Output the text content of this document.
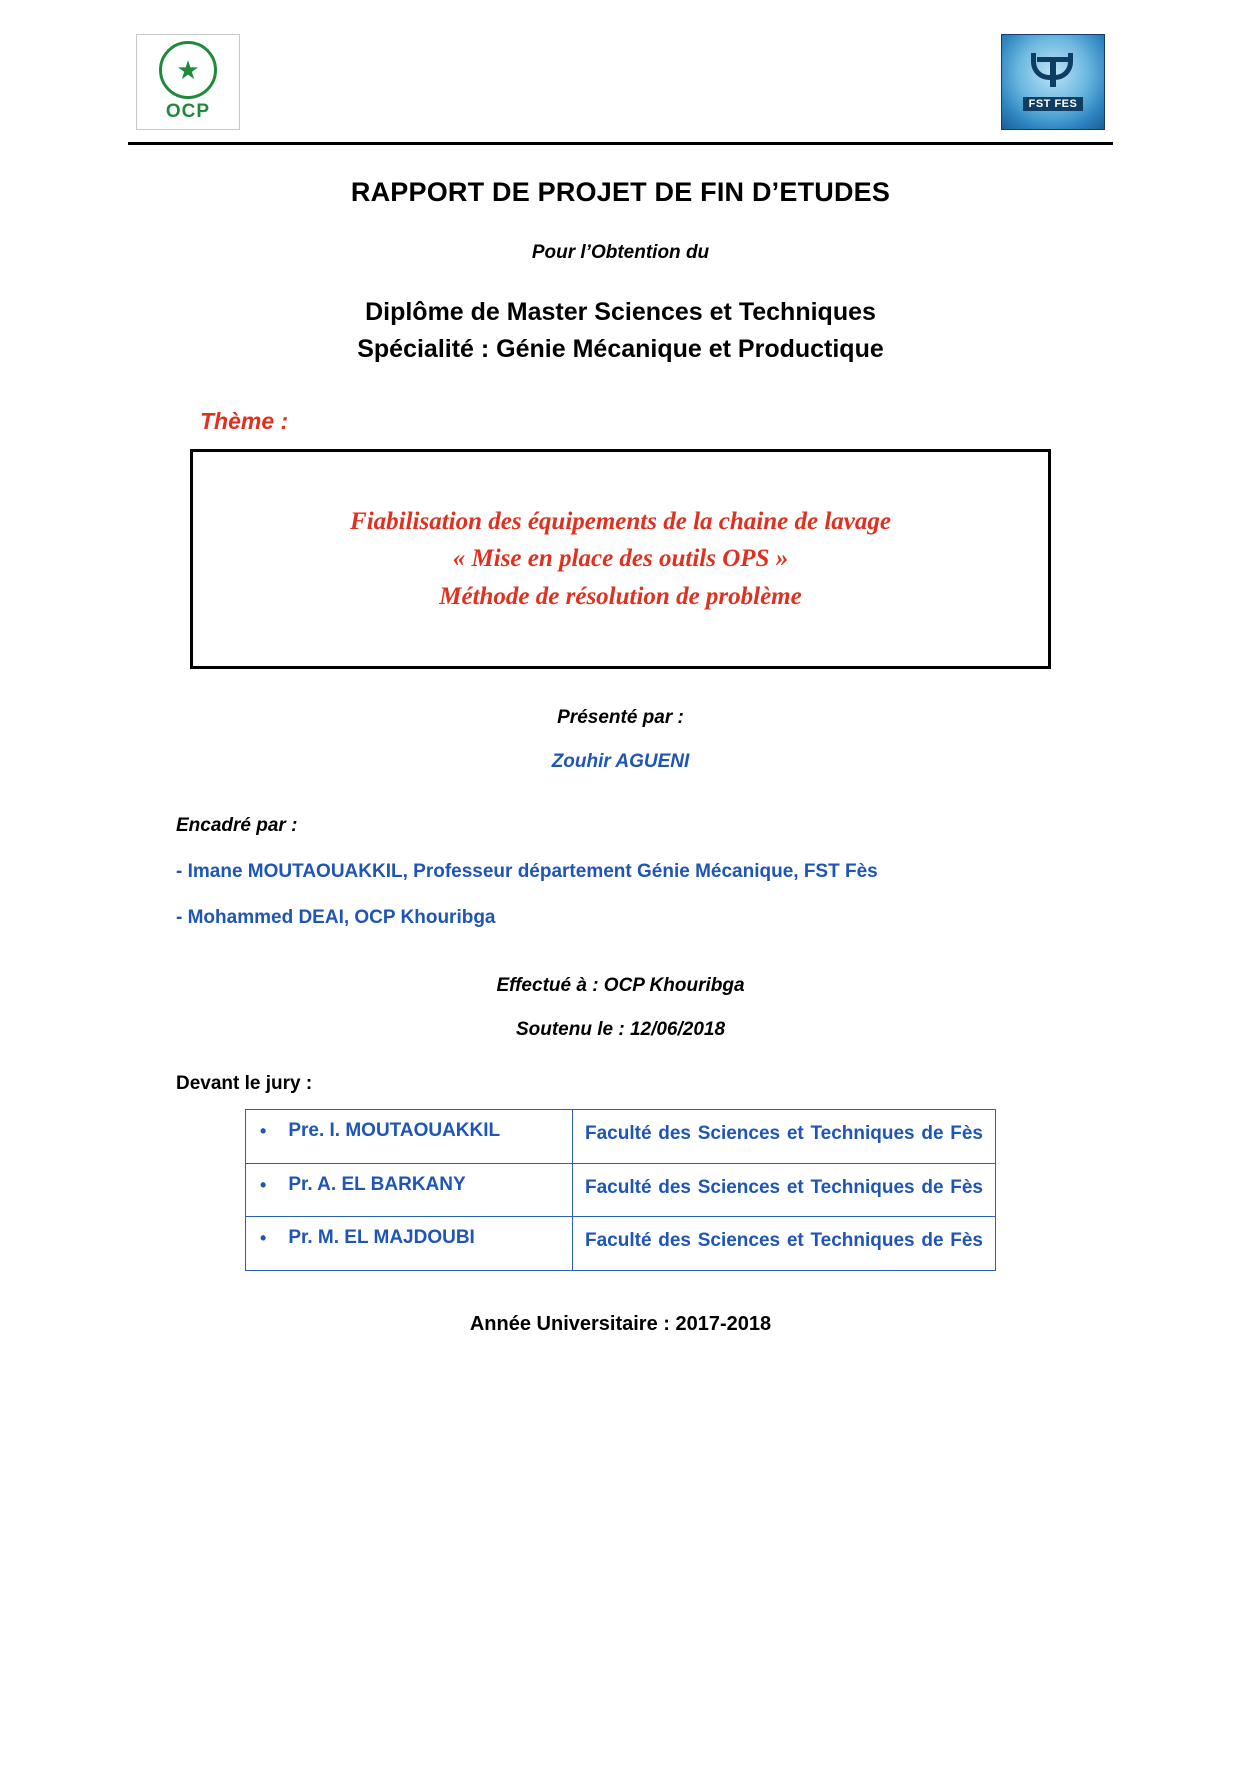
★
OCP	FST FES
RAPPORT DE PROJET DE FIN D’ETUDES
Pour l’Obtention du
Diplôme de Master Sciences et Techniques
Spécialité : Génie Mécanique et Productique
Thème :
Fiabilisation des équipements de la chaine de lavage
« Mise en place des outils OPS »
Méthode de résolution de problème
Présenté par :
Zouhir AGUENI
Encadré par :
- Imane MOUTAOUAKKIL, Professeur département Génie Mécanique, FST Fès
- Mohammed DEAI, OCP Khouribga
Effectué à : OCP Khouribga
Soutenu le : 12/06/2018
Devant le jury :
• Pre. I. MOUTAOUAKKIL	Faculté des Sciences et Techniques de Fès

• Pr. A. EL BARKANY	Faculté des Sciences et Techniques de Fès

• Pr. M. EL MAJDOUBI	Faculté des Sciences et Techniques de Fès
Année Universitaire : 2017-2018
